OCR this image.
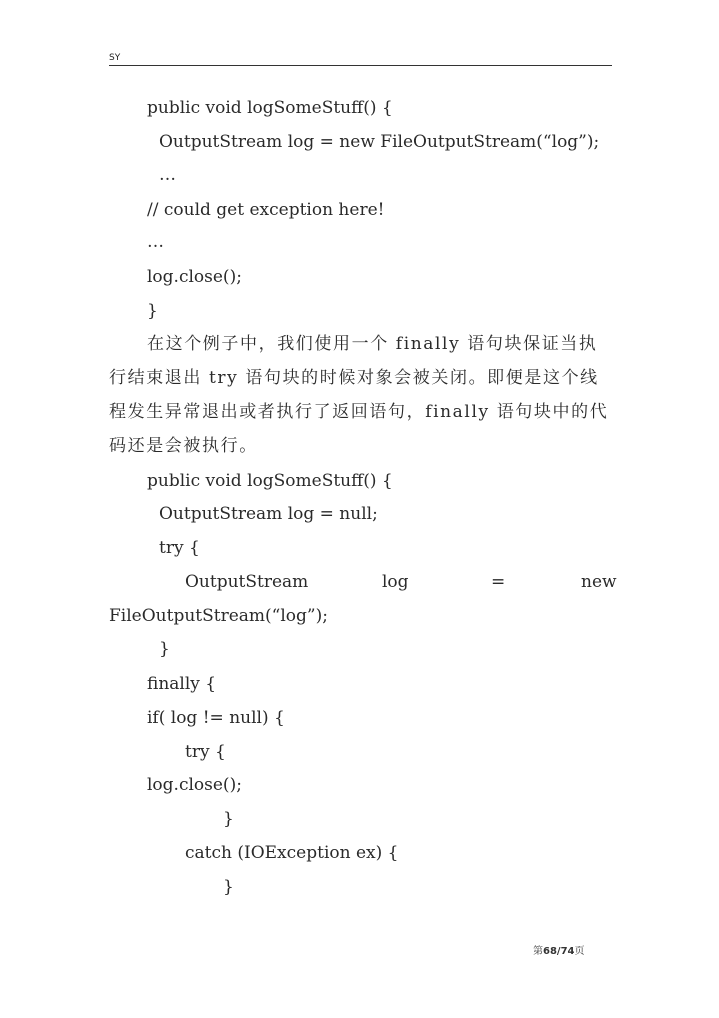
SY
public void logSomeStuff() {
OutputStream log = new FileOutputStream(“log”);
…
// could get exception here!
…
log.close();
}
在这个例子中，我们使用一个 finally 语句块保证当执行结束退出 try 语句块的时候对象会被关闭。即便是这个线程发生异常退出或者执行了返回语句，finally 语句块中的代码还是会被执行。
public void logSomeStuff() {
OutputStream log = null;
try {
OutputStream	log	=	new
FileOutputStream(“log”);
}
finally {
if( log != null) {
try {
log.close();
}
catch (IOException ex) {
}
第68/74页
